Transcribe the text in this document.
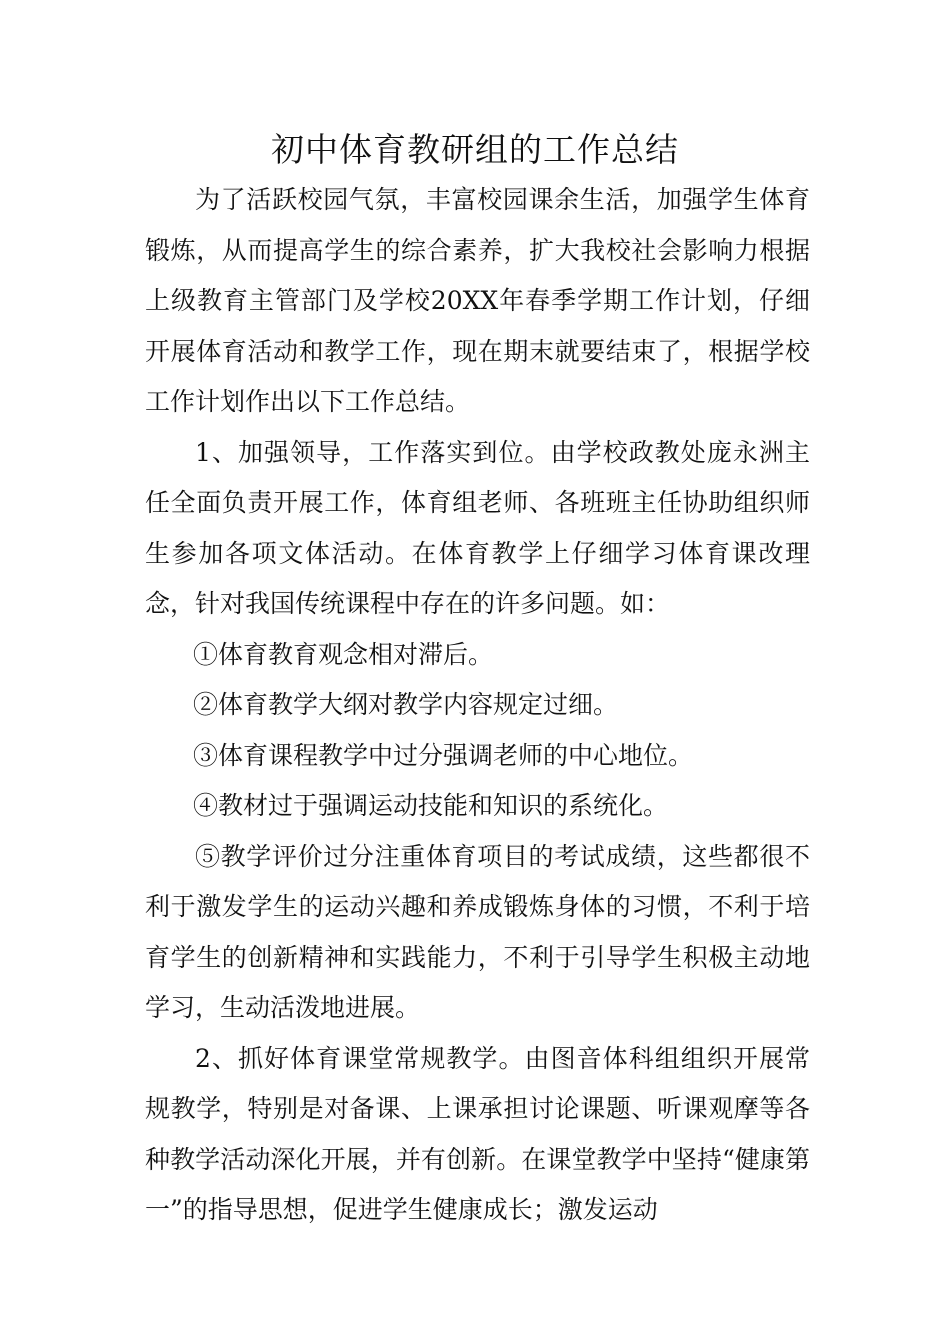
初中体育教研组的工作总结

为了活跃校园气氛，丰富校园课余生活，加强学生体育锻炼，从而提高学生的综合素养，扩大我校社会影响力根据上级教育主管部门及学校20XX年春季学期工作计划，仔细开展体育活动和教学工作，现在期末就要结束了，根据学校工作计划作出以下工作总结。

1、加强领导，工作落实到位。由学校政教处庞永洲主任全面负责开展工作，体育组老师、各班班主任协助组织师生参加各项文体活动。在体育教学上仔细学习体育课改理念，针对我国传统课程中存在的许多问题。如：

①体育教育观念相对滞后。

②体育教学大纲对教学内容规定过细。

③体育课程教学中过分强调老师的中心地位。

④教材过于强调运动技能和知识的系统化。

⑤教学评价过分注重体育项目的考试成绩，这些都很不利于激发学生的运动兴趣和养成锻炼身体的习惯，不利于培育学生的创新精神和实践能力，不利于引导学生积极主动地学习，生动活泼地进展。

2、抓好体育课堂常规教学。由图音体科组组织开展常规教学，特别是对备课、上课承担讨论课题、听课观摩等各种教学活动深化开展，并有创新。在课堂教学中坚持“健康第一”的指导思想，促进学生健康成长；激发运动
